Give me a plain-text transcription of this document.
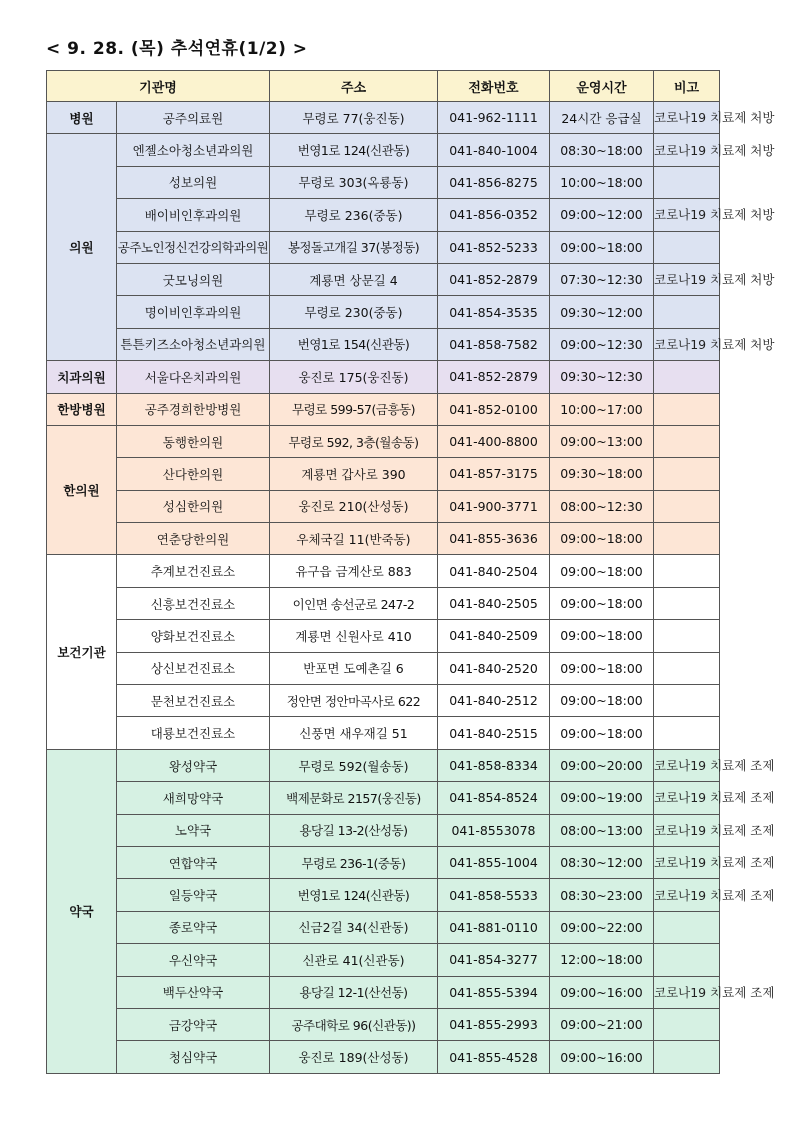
< 9. 28. (목) 추석연휴(1/2) >
기관명		주소	전화번호	운영시간	비고
병원	공주의료원	무령로 77(웅진동)	041-962-1111	24시간 응급실	코로나19 치료제 처방
의원	엔젤소아청소년과의원	번영1로 124(신관동)	041-840-1004	08:30~18:00	코로나19 치료제 처방
	성보의원	무령로 303(옥룡동)	041-856-8275	10:00~18:00	
	배이비인후과의원	무령로 236(중동)	041-856-0352	09:00~12:00	코로나19 치료제 처방
	공주노인정신건강의학과의원	봉정돌고개길 37(봉정동)	041-852-5233	09:00~18:00	
	굿모닝의원	계룡면 상문길 4	041-852-2879	07:30~12:30	코로나19 치료제 처방
	명이비인후과의원	무령로 230(중동)	041-854-3535	09:30~12:00	
	튼튼키즈소아청소년과의원	번영1로 154(신관동)	041-858-7582	09:00~12:30	코로나19 치료제 처방
치과의원	서울다온치과의원	웅진로 175(웅진동)	041-852-2879	09:30~12:30	
한방병원	공주경희한방병원	무령로 599-57(금흥동)	041-852-0100	10:00~17:00	
한의원	동행한의원	무령로 592, 3층(월송동)	041-400-8800	09:00~13:00	
	산다한의원	계룡면 갑사로 390	041-857-3175	09:30~18:00	
	성심한의원	웅진로 210(산성동)	041-900-3771	08:00~12:30	
	연춘당한의원	우체국길 11(반죽동)	041-855-3636	09:00~18:00	
보건기관	추계보건진료소	유구읍 금계산로 883	041-840-2504	09:00~18:00	
	신흥보건진료소	이인면 송선군로 247-2	041-840-2505	09:00~18:00	
	양화보건진료소	계룡면 신원사로 410	041-840-2509	09:00~18:00	
	상신보건진료소	반포면 도예촌길 6	041-840-2520	09:00~18:00	
	문천보건진료소	정안면 정안마곡사로 622	041-840-2512	09:00~18:00	
	대룡보건진료소	신풍면 새우재길 51	041-840-2515	09:00~18:00	
약국	왕성약국	무령로 592(월송동)	041-858-8334	09:00~20:00	코로나19 치료제 조제
	새희망약국	백제문화로 2157(웅진동)	041-854-8524	09:00~19:00	코로나19 치료제 조제
	노약국	용당길 13-2(산성동)	041-8553078	08:00~13:00	코로나19 치료제 조제
	연합약국	무령로 236-1(중동)	041-855-1004	08:30~12:00	코로나19 치료제 조제
	일등약국	번영1로 124(신관동)	041-858-5533	08:30~23:00	코로나19 치료제 조제
	종로약국	신금2길 34(신관동)	041-881-0110	09:00~22:00	
	우신약국	신관로 41(신관동)	041-854-3277	12:00~18:00	
	백두산약국	용당길 12-1(산선동)	041-855-5394	09:00~16:00	코로나19 치료제 조제
	금강약국	공주대학로 96(신관동))	041-855-2993	09:00~21:00	
	청심약국	웅진로 189(산성동)	041-855-4528	09:00~16:00	
